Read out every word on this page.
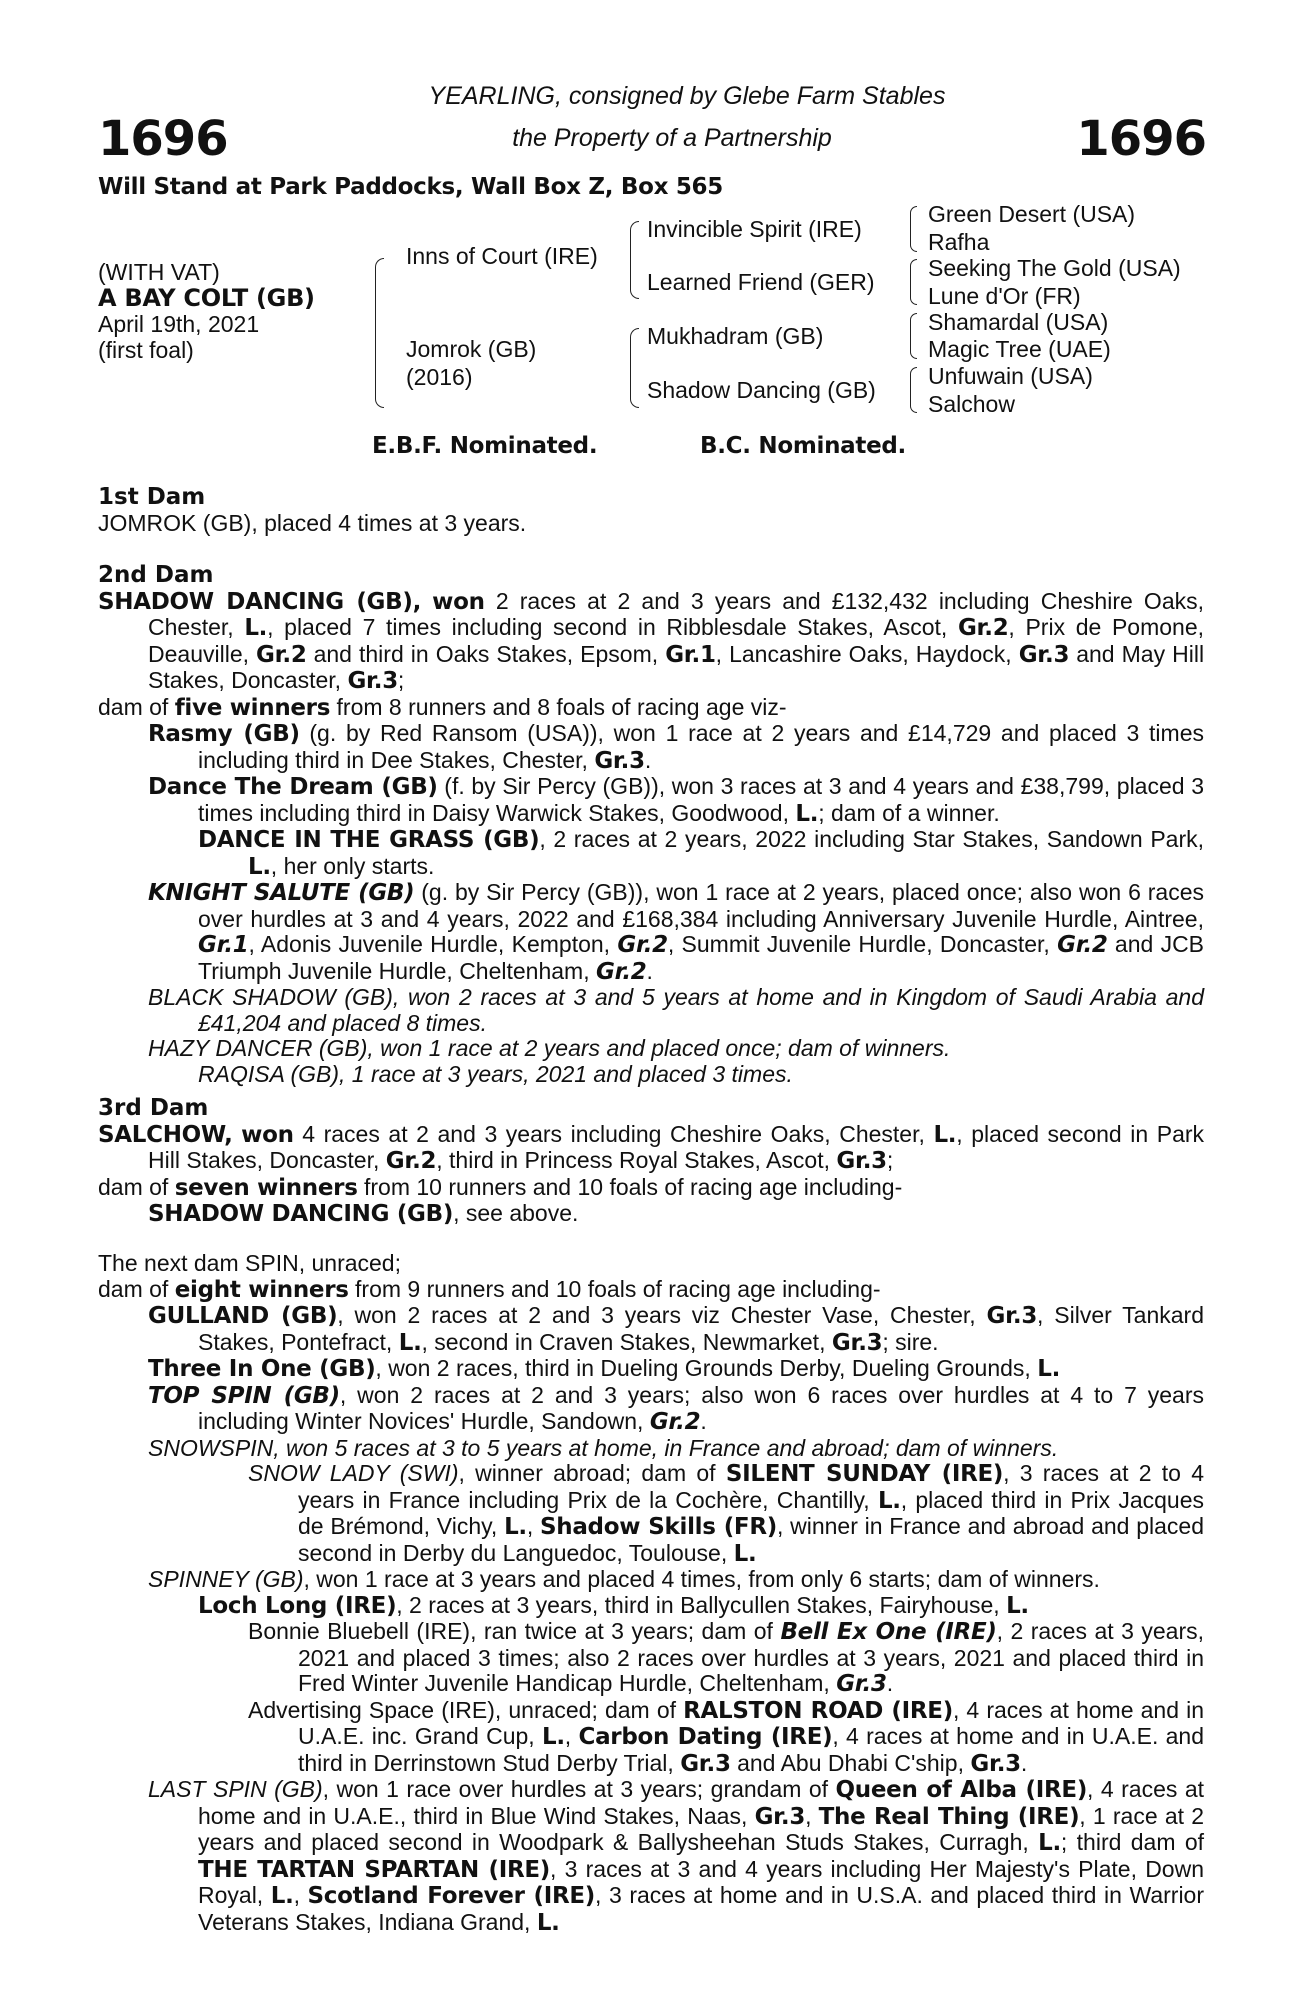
1696	1696
YEARLING, consigned by Glebe Farm Stables
the Property of a Partnership
Will Stand at Park Paddocks, Wall Box Z, Box 565
(WITH VAT)
A BAY COLT (GB)
April 19th, 2021
(first foal)
Inns of Court (IRE)
Jomrok (GB)
(2016)
Invincible Spirit (IRE)
Learned Friend (GER)
Mukhadram (GB)
Shadow Dancing (GB)
Green Desert (USA)
Rafha
Seeking The Gold (USA)
Lune d'Or (FR)
Shamardal (USA)
Magic Tree (UAE)
Unfuwain (USA)
Salchow
E.B.F. Nominated.	B.C. Nominated.
1st Dam

JOMROK (GB), placed 4 times at 3 years.

2nd Dam

SHADOW DANCING (GB), won 2 races at 2 and 3 years and £132,432 including Cheshire Oaks, Chester, L., placed 7 times including second in Ribblesdale Stakes, Ascot, Gr.2, Prix de Pomone, Deauville, Gr.2 and third in Oaks Stakes, Epsom, Gr.1, Lancashire Oaks, Haydock, Gr.3 and May Hill Stakes, Doncaster, Gr.3;

dam of five winners from 8 runners and 8 foals of racing age viz-

Rasmy (GB) (g. by Red Ransom (USA)), won 1 race at 2 years and £14,729 and placed 3 times including third in Dee Stakes, Chester, Gr.3.

Dance The Dream (GB) (f. by Sir Percy (GB)), won 3 races at 3 and 4 years and £38,799, placed 3 times including third in Daisy Warwick Stakes, Goodwood, L.; dam of a winner.

DANCE IN THE GRASS (GB), 2 races at 2 years, 2022 including Star Stakes, Sandown Park, L., her only starts.

KNIGHT SALUTE (GB) (g. by Sir Percy (GB)), won 1 race at 2 years, placed once; also won 6 races over hurdles at 3 and 4 years, 2022 and £168,384 including Anniversary Juvenile Hurdle, Aintree, Gr.1, Adonis Juvenile Hurdle, Kempton, Gr.2, Summit Juvenile Hurdle, Doncaster, Gr.2 and JCB Triumph Juvenile Hurdle, Cheltenham, Gr.2.

BLACK SHADOW (GB), won 2 races at 3 and 5 years at home and in Kingdom of Saudi Arabia and £41,204 and placed 8 times.

HAZY DANCER (GB), won 1 race at 2 years and placed once; dam of winners.

RAQISA (GB), 1 race at 3 years, 2021 and placed 3 times.

3rd Dam

SALCHOW, won 4 races at 2 and 3 years including Cheshire Oaks, Chester, L., placed second in Park Hill Stakes, Doncaster, Gr.2, third in Princess Royal Stakes, Ascot, Gr.3;

dam of seven winners from 10 runners and 10 foals of racing age including-

SHADOW DANCING (GB), see above.

The next dam SPIN, unraced;

dam of eight winners from 9 runners and 10 foals of racing age including-

GULLAND (GB), won 2 races at 2 and 3 years viz Chester Vase, Chester, Gr.3, Silver Tankard Stakes, Pontefract, L., second in Craven Stakes, Newmarket, Gr.3; sire.

Three In One (GB), won 2 races, third in Dueling Grounds Derby, Dueling Grounds, L.

TOP SPIN (GB), won 2 races at 2 and 3 years; also won 6 races over hurdles at 4 to 7 years including Winter Novices' Hurdle, Sandown, Gr.2.

SNOWSPIN, won 5 races at 3 to 5 years at home, in France and abroad; dam of winners.

SNOW LADY (SWI), winner abroad; dam of SILENT SUNDAY (IRE), 3 races at 2 to 4 years in France including Prix de la Cochère, Chantilly, L., placed third in Prix Jacques de Brémond, Vichy, L., Shadow Skills (FR), winner in France and abroad and placed second in Derby du Languedoc, Toulouse, L.

SPINNEY (GB), won 1 race at 3 years and placed 4 times, from only 6 starts; dam of winners.

Loch Long (IRE), 2 races at 3 years, third in Ballycullen Stakes, Fairyhouse, L.

Bonnie Bluebell (IRE), ran twice at 3 years; dam of Bell Ex One (IRE), 2 races at 3 years, 2021 and placed 3 times; also 2 races over hurdles at 3 years, 2021 and placed third in Fred Winter Juvenile Handicap Hurdle, Cheltenham, Gr.3.

Advertising Space (IRE), unraced; dam of RALSTON ROAD (IRE), 4 races at home and in U.A.E. inc. Grand Cup, L., Carbon Dating (IRE), 4 races at home and in U.A.E. and third in Derrinstown Stud Derby Trial, Gr.3 and Abu Dhabi C'ship, Gr.3.

LAST SPIN (GB), won 1 race over hurdles at 3 years; grandam of Queen of Alba (IRE), 4 races at home and in U.A.E., third in Blue Wind Stakes, Naas, Gr.3, The Real Thing (IRE), 1 race at 2 years and placed second in Woodpark & Ballysheehan Studs Stakes, Curragh, L.; third dam of THE TARTAN SPARTAN (IRE), 3 races at 3 and 4 years including Her Majesty's Plate, Down Royal, L., Scotland Forever (IRE), 3 races at home and in U.S.A. and placed third in Warrior Veterans Stakes, Indiana Grand, L.
